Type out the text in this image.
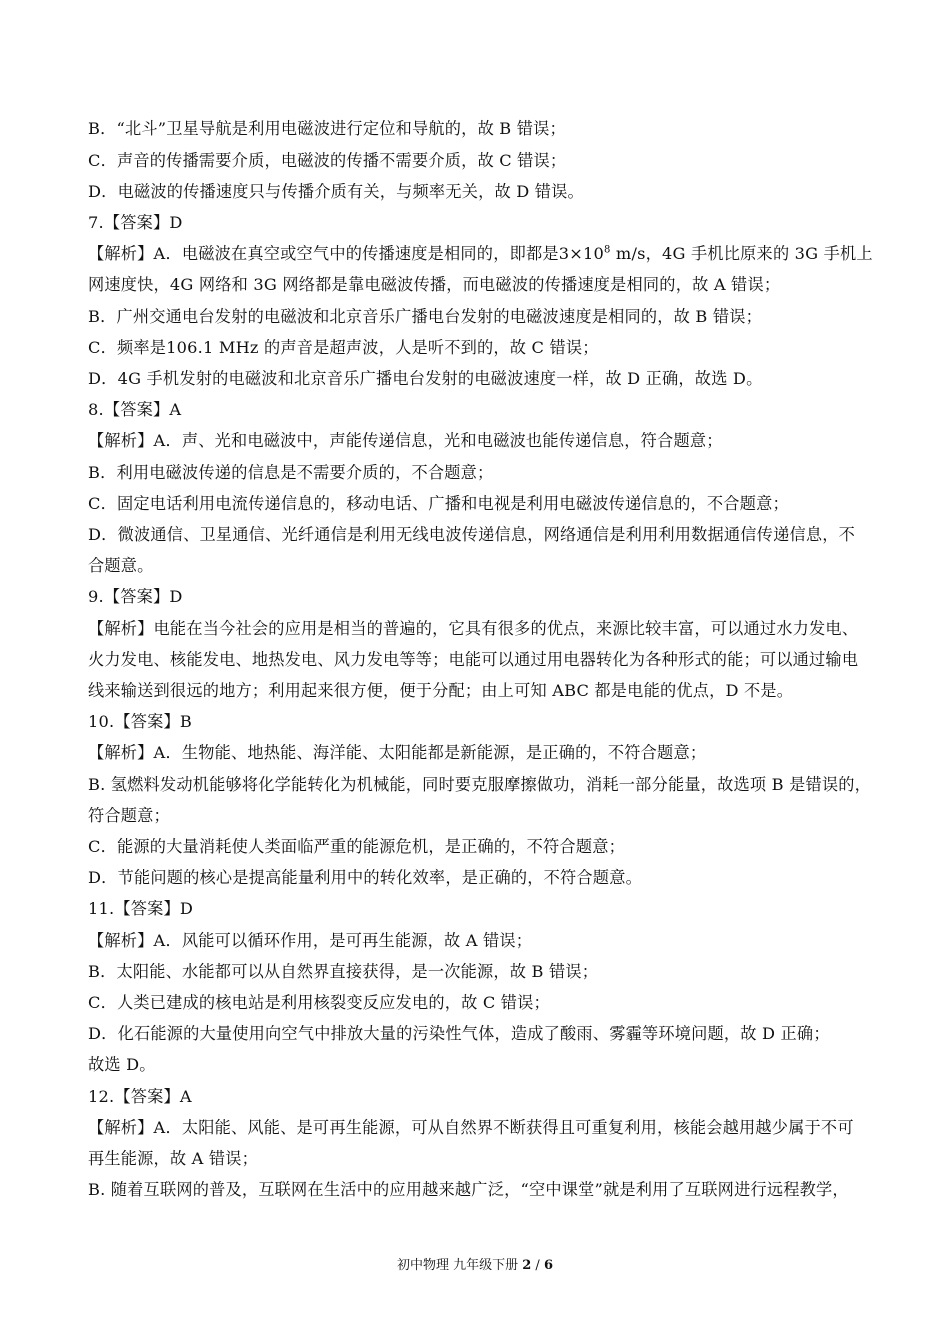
B．“北斗”卫星导航是利用电磁波进行定位和导航的，故 B 错误；
C．声音的传播需要介质，电磁波的传播不需要介质，故 C 错误；
D．电磁波的传播速度只与传播介质有关，与频率无关，故 D 错误。
7.【答案】D
【解析】A．电磁波在真空或空气中的传播速度是相同的，即都是$3\times 10^8$ m/s，4G 手机比原来的 3G 手机上
网速度快，4G 网络和 3G 网络都是靠电磁波传播，而电磁波的传播速度是相同的，故 A 错误；
B．广州交通电台发射的电磁波和北京音乐广播电台发射的电磁波速度是相同的，故 B 错误；
C．频率是106.1 MHz 的声音是超声波，人是听不到的，故 C 错误；
D．4G 手机发射的电磁波和北京音乐广播电台发射的电磁波速度一样，故 D 正确，故选 D。
8.【答案】A
【解析】A．声、光和电磁波中，声能传递信息，光和电磁波也能传递信息，符合题意；
B．利用电磁波传递的信息是不需要介质的，不合题意；
C．固定电话利用电流传递信息的，移动电话、广播和电视是利用电磁波传递信息的，不合题意；
D．微波通信、卫星通信、光纤通信是利用无线电波传递信息，网络通信是利用利用数据通信传递信息，不
合题意。
9.【答案】D
【解析】电能在当今社会的应用是相当的普遍的，它具有很多的优点，来源比较丰富，可以通过水力发电、
火力发电、核能发电、地热发电、风力发电等等；电能可以通过用电器转化为各种形式的能；可以通过输电
线来输送到很远的地方；利用起来很方便，便于分配；由上可知 ABC 都是电能的优点，D 不是。
10.【答案】B
【解析】A．生物能、地热能、海洋能、太阳能都是新能源，是正确的，不符合题意；
B. 氢燃料发动机能够将化学能转化为机械能，同时要克服摩擦做功，消耗一部分能量，故选项 B 是错误的，
符合题意；
C．能源的大量消耗使人类面临严重的能源危机，是正确的，不符合题意；
D．节能问题的核心是提高能量利用中的转化效率，是正确的，不符合题意。
11.【答案】D
【解析】A．风能可以循环作用，是可再生能源，故 A 错误；
B．太阳能、水能都可以从自然界直接获得，是一次能源，故 B 错误；
C．人类已建成的核电站是利用核裂变反应发电的，故 C 错误；
D．化石能源的大量使用向空气中排放大量的污染性气体，造成了酸雨、雾霾等环境问题，故 D 正确；
故选 D。
12.【答案】A
【解析】A．太阳能、风能、是可再生能源，可从自然界不断获得且可重复利用，核能会越用越少属于不可
再生能源，故 A 错误；
B. 随着互联网的普及，互联网在生活中的应用越来越广泛，“空中课堂”就是利用了互联网进行远程教学，
初中物理 九年级下册 2 / 6
